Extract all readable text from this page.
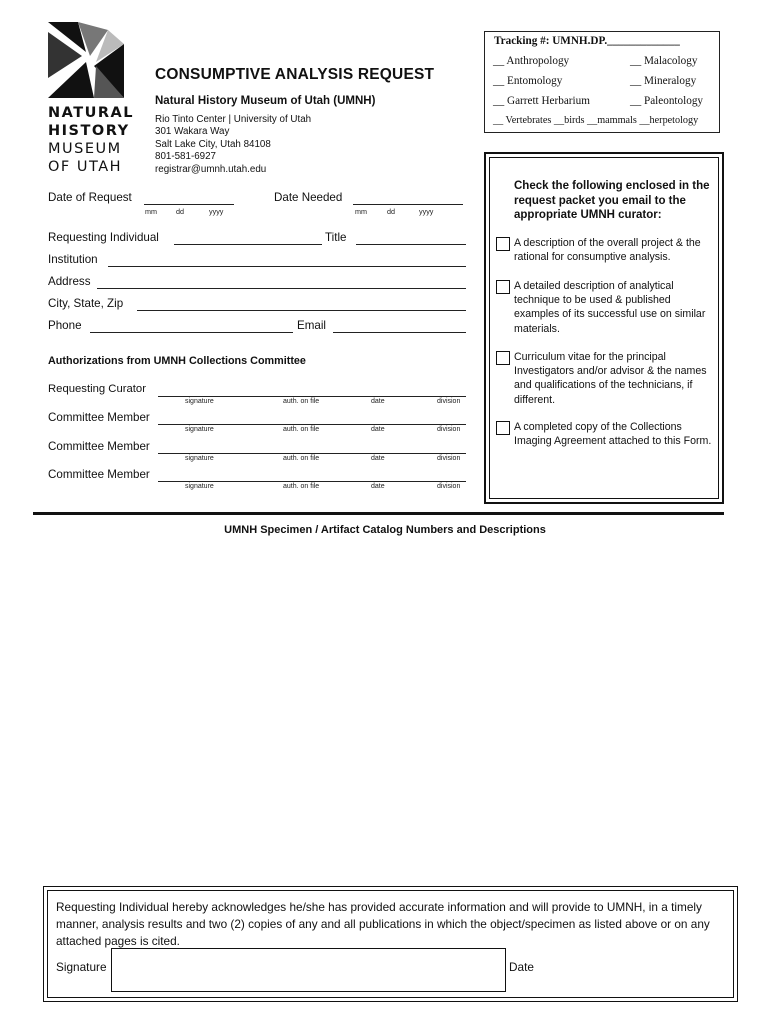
NATURAL
HISTORY
MUSEUM
OF UTAH
CONSUMPTIVE ANALYSIS REQUEST
Natural History Museum of Utah (UMNH)
Rio Tinto Center | University of Utah
301 Wakara Way
Salt Lake City, Utah 84108
801-581-6927
registrar@umnh.utah.edu
Tracking #: UMNH.DP._____________
__ Anthropology	__ Malacology
__ Entomology	__ Mineralogy
__ Garrett Herbarium	__ Paleontology
__ Vertebrates __birds __mammals __herpetology
Date of Request
mm	dd	yyyy
Date Needed
mm	dd	yyyy
Requesting Individual	Title
Institution
Address
City, State, Zip
Phone	Email
Authorizations from UMNH Collections Committee
Requesting Curator
signature	auth. on file	date	division
Committee Member
signature	auth. on file	date	division
Committee Member
signature	auth. on file	date	division
Committee Member
signature	auth. on file	date	division
Check the following enclosed in the request packet you email to the appropriate UMNH curator:
A description of the overall project & the rational for consumptive analysis.
A detailed description of analytical technique to be used & published examples of its successful use on similar materials.
Curriculum vitae for the principal Investigators and/or advisor & the names and qualifications of the technicians, if different.
A completed copy of the Collections Imaging Agreement attached to this Form.
UMNH Specimen / Artifact Catalog Numbers and Descriptions
Requesting Individual hereby acknowledges he/she has provided accurate information and will provide to UMNH, in a timely manner, analysis results and two (2) copies of any and all publications in which the object/specimen as listed above or on any attached pages is cited.
Signature	Date
